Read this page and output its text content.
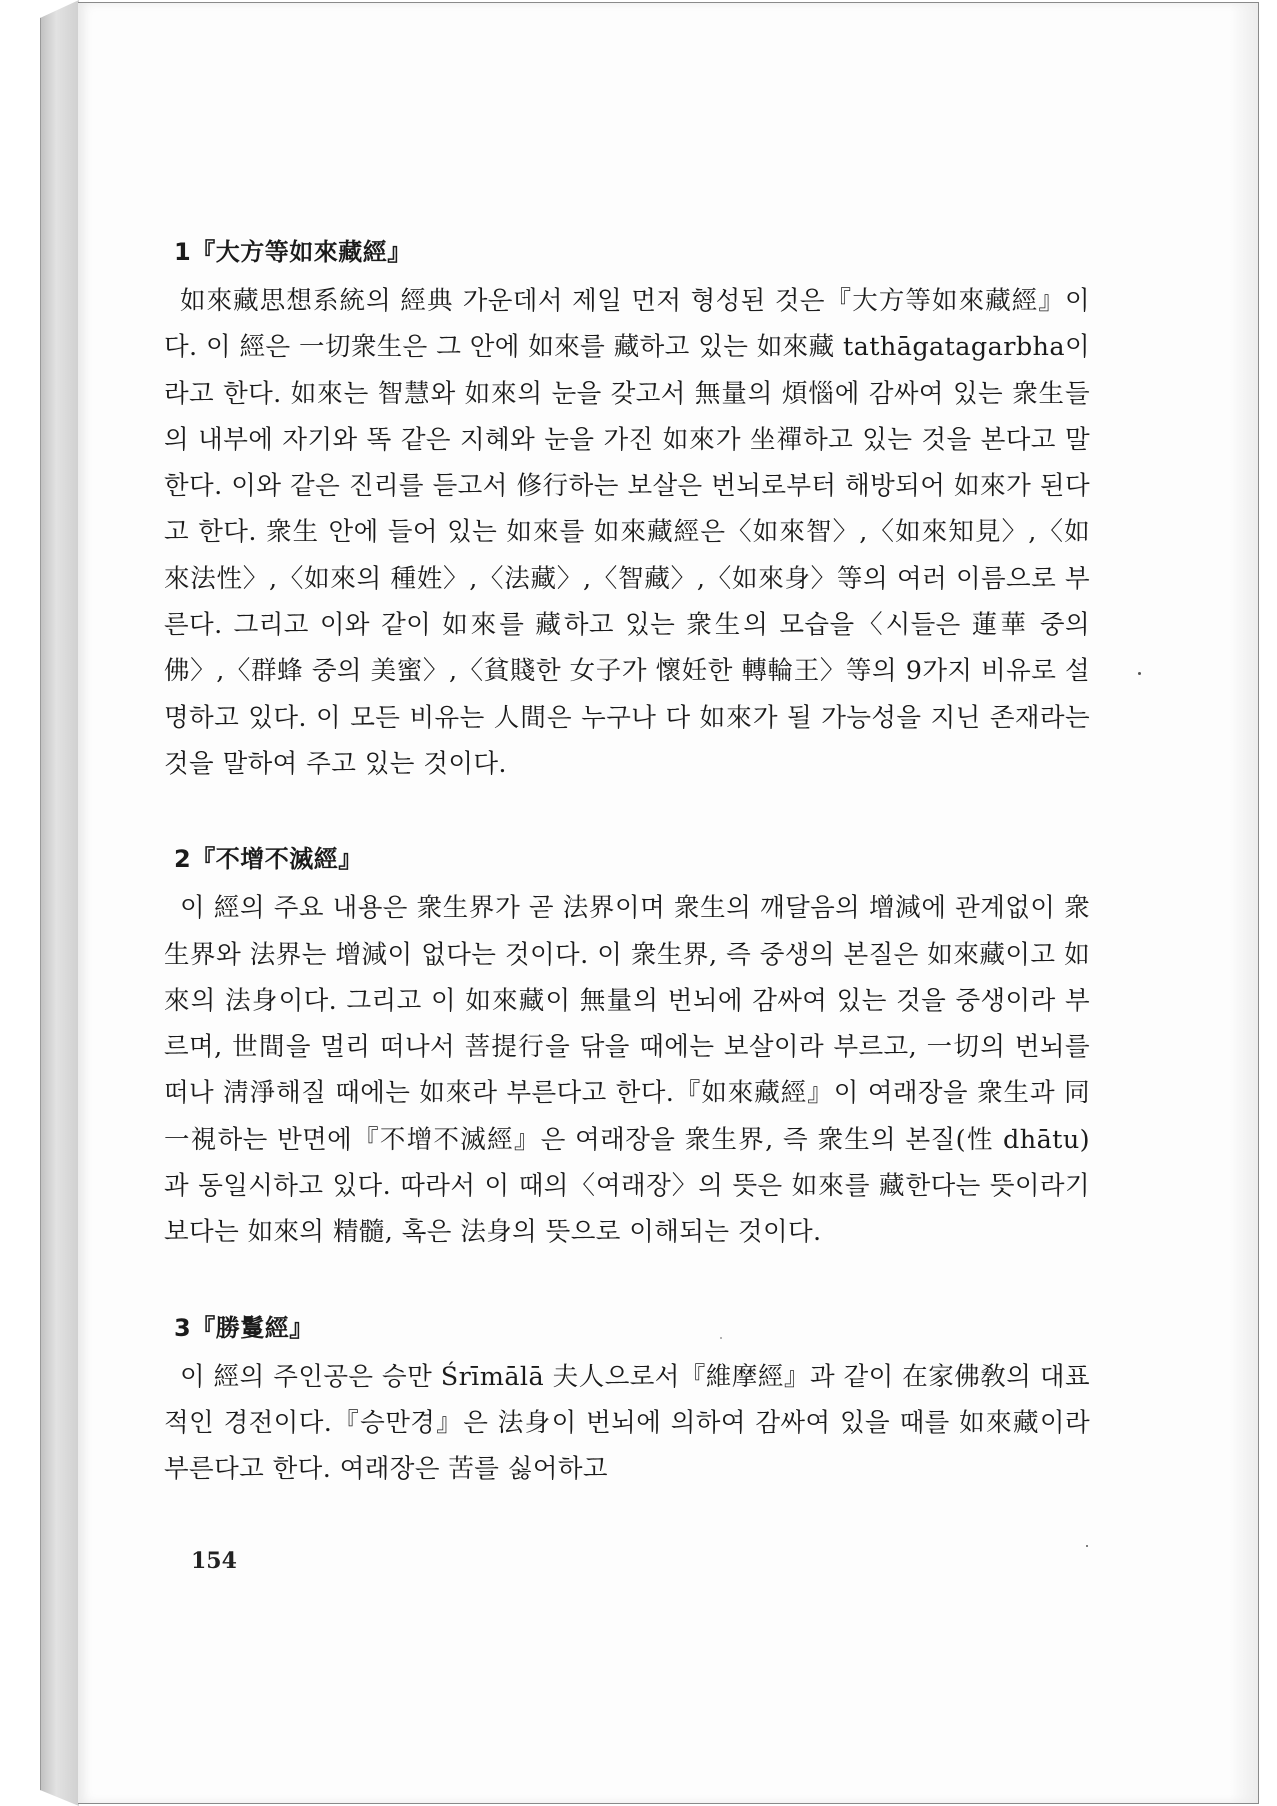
1『大方等如來藏經』

如來藏思想系統의 經典 가운데서 제일 먼저 형성된 것은『大方等如來藏經』이다. 이 經은 一切衆生은 그 안에 如來를 藏하고 있는 如來藏 tathāgatagarbha이라고 한다. 如來는 智慧와 如來의 눈을 갖고서 無量의 煩惱에 감싸여 있는 衆生들의 내부에 자기와 똑 같은 지혜와 눈을 가진 如來가 坐禪하고 있는 것을 본다고 말한다. 이와 같은 진리를 듣고서 修行하는 보살은 번뇌로부터 해방되어 如來가 된다고 한다. 衆生 안에 들어 있는 如來를 如來藏經은〈如來智〉,〈如來知見〉,〈如來法性〉,〈如來의 種姓〉,〈法藏〉,〈智藏〉,〈如來身〉等의 여러 이름으로 부른다. 그리고 이와 같이 如來를 藏하고 있는 衆生의 모습을〈시들은 蓮華 중의 佛〉,〈群蜂 중의 美蜜〉,〈貧賤한 女子가 懷妊한 轉輪王〉等의 9가지 비유로 설명하고 있다. 이 모든 비유는 人間은 누구나 다 如來가 될 가능성을 지닌 존재라는 것을 말하여 주고 있는 것이다.

2『不增不滅經』

이 經의 주요 내용은 衆生界가 곧 法界이며 衆生의 깨달음의 增減에 관계없이 衆生界와 法界는 增減이 없다는 것이다. 이 衆生界, 즉 중생의 본질은 如來藏이고 如來의 法身이다. 그리고 이 如來藏이 無量의 번뇌에 감싸여 있는 것을 중생이라 부르며, 世間을 멀리 떠나서 菩提行을 닦을 때에는 보살이라 부르고, 一切의 번뇌를 떠나 淸淨해질 때에는 如來라 부른다고 한다.『如來藏經』이 여래장을 衆生과 同一視하는 반면에『不增不滅經』은 여래장을 衆生界, 즉 衆生의 본질(性 dhātu)과 동일시하고 있다. 따라서 이 때의〈여래장〉의 뜻은 如來를 藏한다는 뜻이라기보다는 如來의 精髓, 혹은 法身의 뜻으로 이해되는 것이다.

3『勝鬘經』

이 經의 주인공은 승만 Śrīmālā 夫人으로서『維摩經』과 같이 在家佛敎의 대표적인 경전이다.『승만경』은 法身이 번뇌에 의하여 감싸여 있을 때를 如來藏이라 부른다고 한다. 여래장은 苦를 싫어하고

154
